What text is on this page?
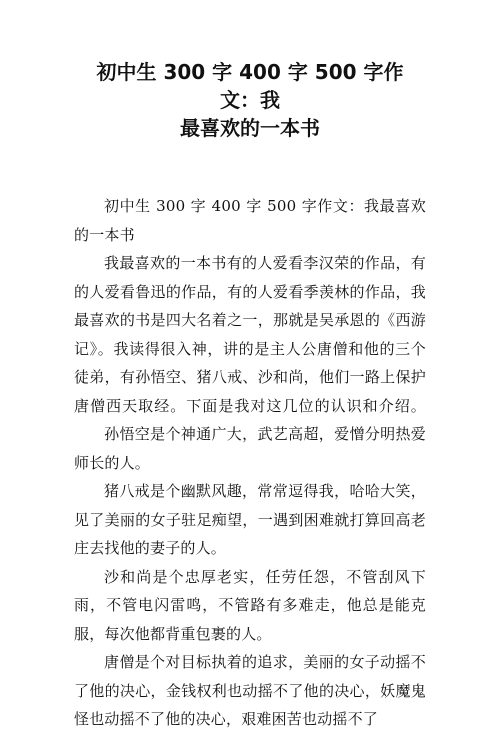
初中生 300 字 400 字 500 字作文：我
最喜欢的一本书

初中生 300 字 400 字 500 字作文：我最喜欢的一本书

我最喜欢的一本书有的人爱看李汉荣的作品，有的人爱看鲁迅的作品，有的人爱看季羡林的作品，我最喜欢的书是四大名着之一，那就是吴承恩的《西游记》。我读得很入神，讲的是主人公唐僧和他的三个徒弟，有孙悟空、猪八戒、沙和尚，他们一路上保护唐僧西天取经。下面是我对这几位的认识和介绍。孙悟空是个神通广大，武艺高超，爱憎分明热爱师长的人。

猪八戒是个幽默风趣，常常逗得我，哈哈大笑，见了美丽的女子驻足痴望，一遇到困难就打算回高老庄去找他的妻子的人。

沙和尚是个忠厚老实，任劳任怨，不管刮风下雨，不管电闪雷鸣，不管路有多难走，他总是能克服，每次他都背重包裹的人。

唐僧是个对目标执着的追求，美丽的女子动摇不了他的决心，金钱权利也动摇不了他的决心，妖魔鬼怪也动摇不了他的决心，艰难困苦也动摇不了
